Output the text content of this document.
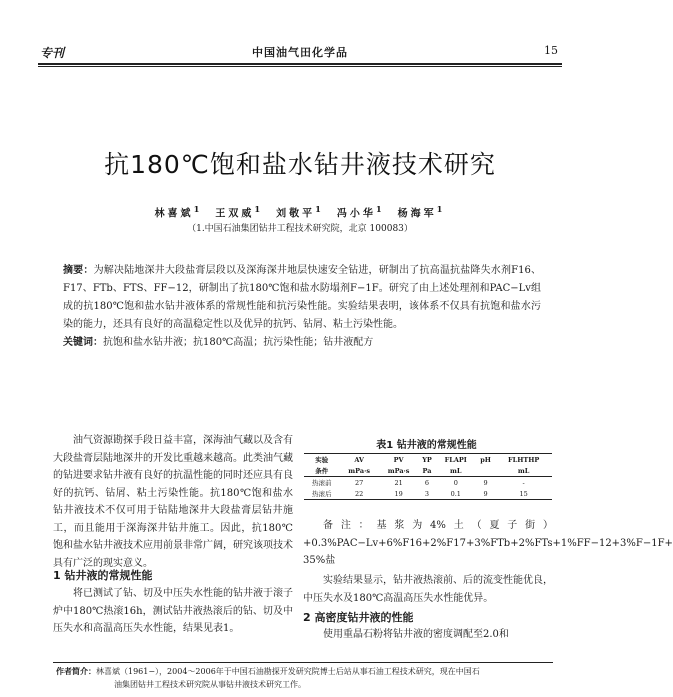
专刊	中国油气田化学品	15
抗180℃饱和盐水钻井液技术研究
林喜斌$^1$ 王双威$^1$ 刘敬平$^1$ 冯小华$^1$ 杨海军$^1$
（1.中国石油集团钻井工程技术研究院，北京 100083）

摘要：为解决陆地深井大段盐膏层段以及深海深井地层快速安全钻进，研制出了抗高温抗盐降失水剂F16、F17、FTb、FTS、FF−12，研制出了抗180℃饱和盐水防塌剂F−1F。研究了由上述处理剂和PAC−Lv组成的抗180℃饱和盐水钻井液体系的常规性能和抗污染性能。实验结果表明，该体系不仅具有抗饱和盐水污染的能力，还具有良好的高温稳定性以及优异的抗钙、钻屑、粘土污染性能。

关键词：抗饱和盐水钻井液；抗180℃高温；抗污染性能；钻井液配方

油气资源勘探手段日益丰富，深海油气藏以及含有大段盐膏层陆地深井的开发比重越来越高。此类油气藏的钻进要求钻井液有良好的抗温性能的同时还应具有良好的抗钙、钻屑、粘土污染性能。抗180℃饱和盐水钻井液技术不仅可用于钻陆地深井大段盐膏层钻井施工，而且能用于深海深井钻井施工。因此，抗180℃饱和盐水钻井液技术应用前景非常广阔，研究该项技术具有广泛的现实意义。

1 钻井液的常规性能

将已测试了钻、切及中压失水性能的钻井液于滚子炉中180℃热滚16h，测试钻井液热滚后的钻、切及中压失水和高温高压失水性能，结果见表1。

表1 钻井液的常规性能
实验	AV	PV	YP	FLAPI	pH	FLHTHP
条件	mPa·s	mPa·s	Pa	mL		mL
热滚前	27	21	6	0	9	-
热滚后	22	19	3	0.1	9	15

备注：基浆为4%土（夏子街）+0.3%PAC−Lv+6%F16+2%F17+3%FTb+2%FTs+1%FF−12+3%F−1F+ 35%盐

实验结果显示，钻井液热滚前、后的流变性能优良，中压失水及180℃高温高压失水性能优异。

2 高密度钻井液的性能

使用重晶石粉将钻井液的密度调配至2.0和

作者简介：林喜斌（1961−），2004～2006年于中国石油勘探开发研究院博士后站从事石油工程技术研究，现在中国石
油集团钻井工程技术研究院从事钻井液技术研究工作。
